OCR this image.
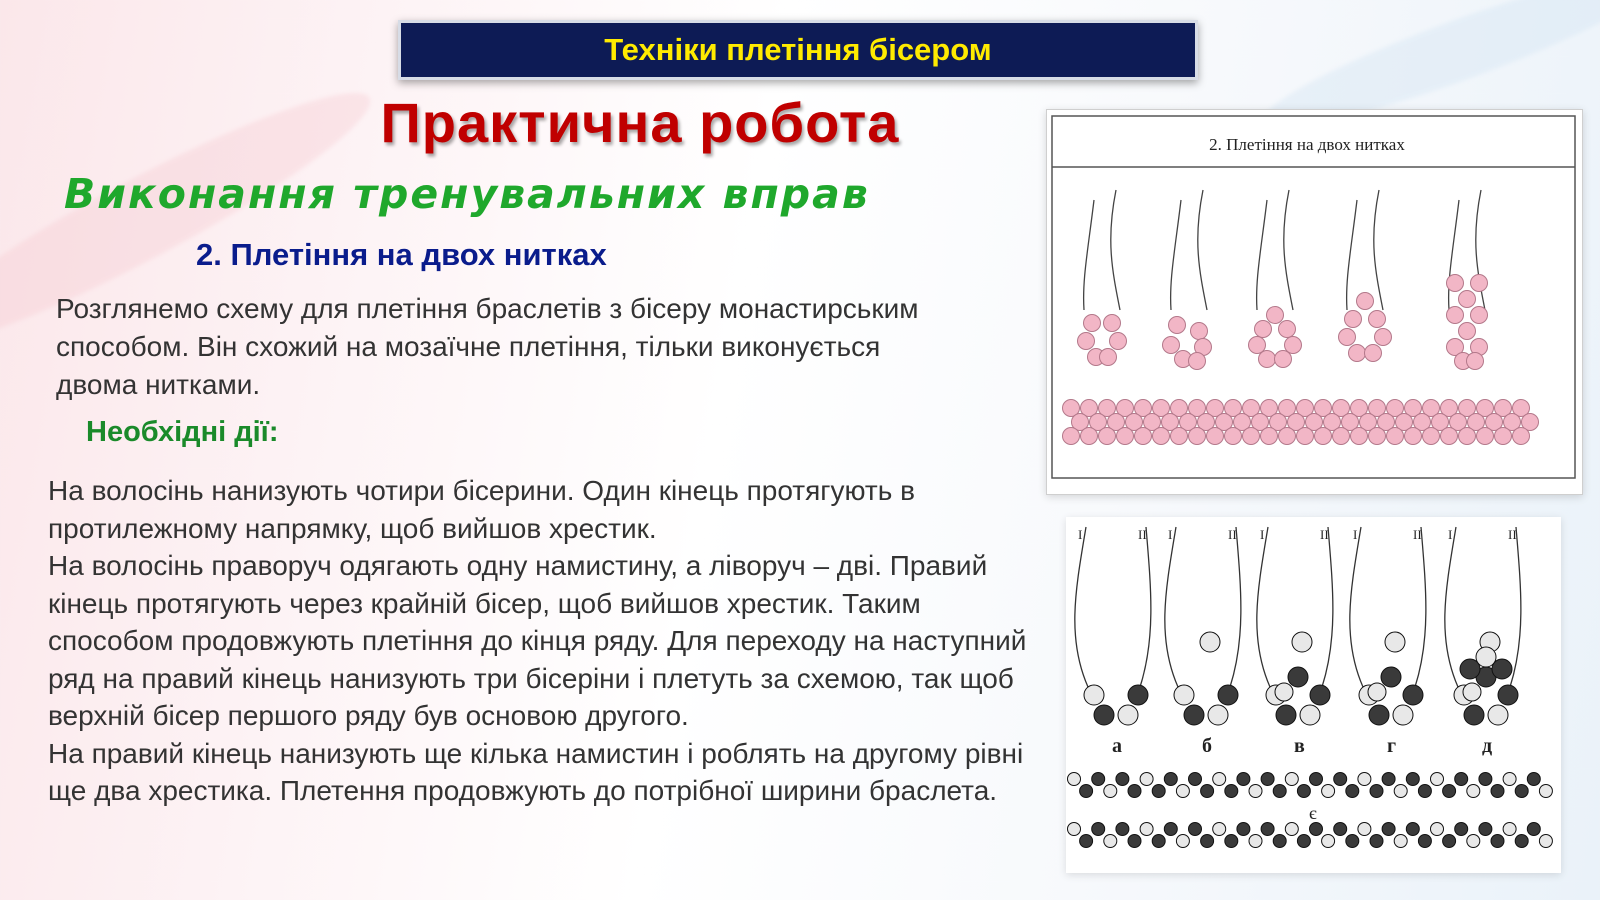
Техніки плетіння бісером
Практична робота
Виконання тренувальних вправ
2. Плетіння на двох нитках
Розглянемо схему для плетіння браслетів з бісеру монастирським способом. Він схожий на мозаїчне плетіння, тільки виконується двома нитками.
Необхідні дії:

На волосінь нанизують чотири бісерини. Один кінець протягують в протилежному напрямку, щоб вийшов хрестик.

На волосінь праворуч одягають одну намистину, а ліворуч – дві. Правий кінець протягують через крайній бісер, щоб вийшов хрестик. Таким способом продовжують плетіння до кінця ряду. Для переходу на наступний ряд на правий кінець нанизують три бісеріни і плетуть за схемою, так щоб верхній бісер першого ряду був основою другого.

На правий кінець нанизують ще кілька намистин і роблять на другому рівні ще два хрестика. Плетення продовжують до потрібної ширини браслета.

2. Плетіння на двох нитках
а
I	II
б
I	II
в
I	II
г
I	II
д
I	II
є
